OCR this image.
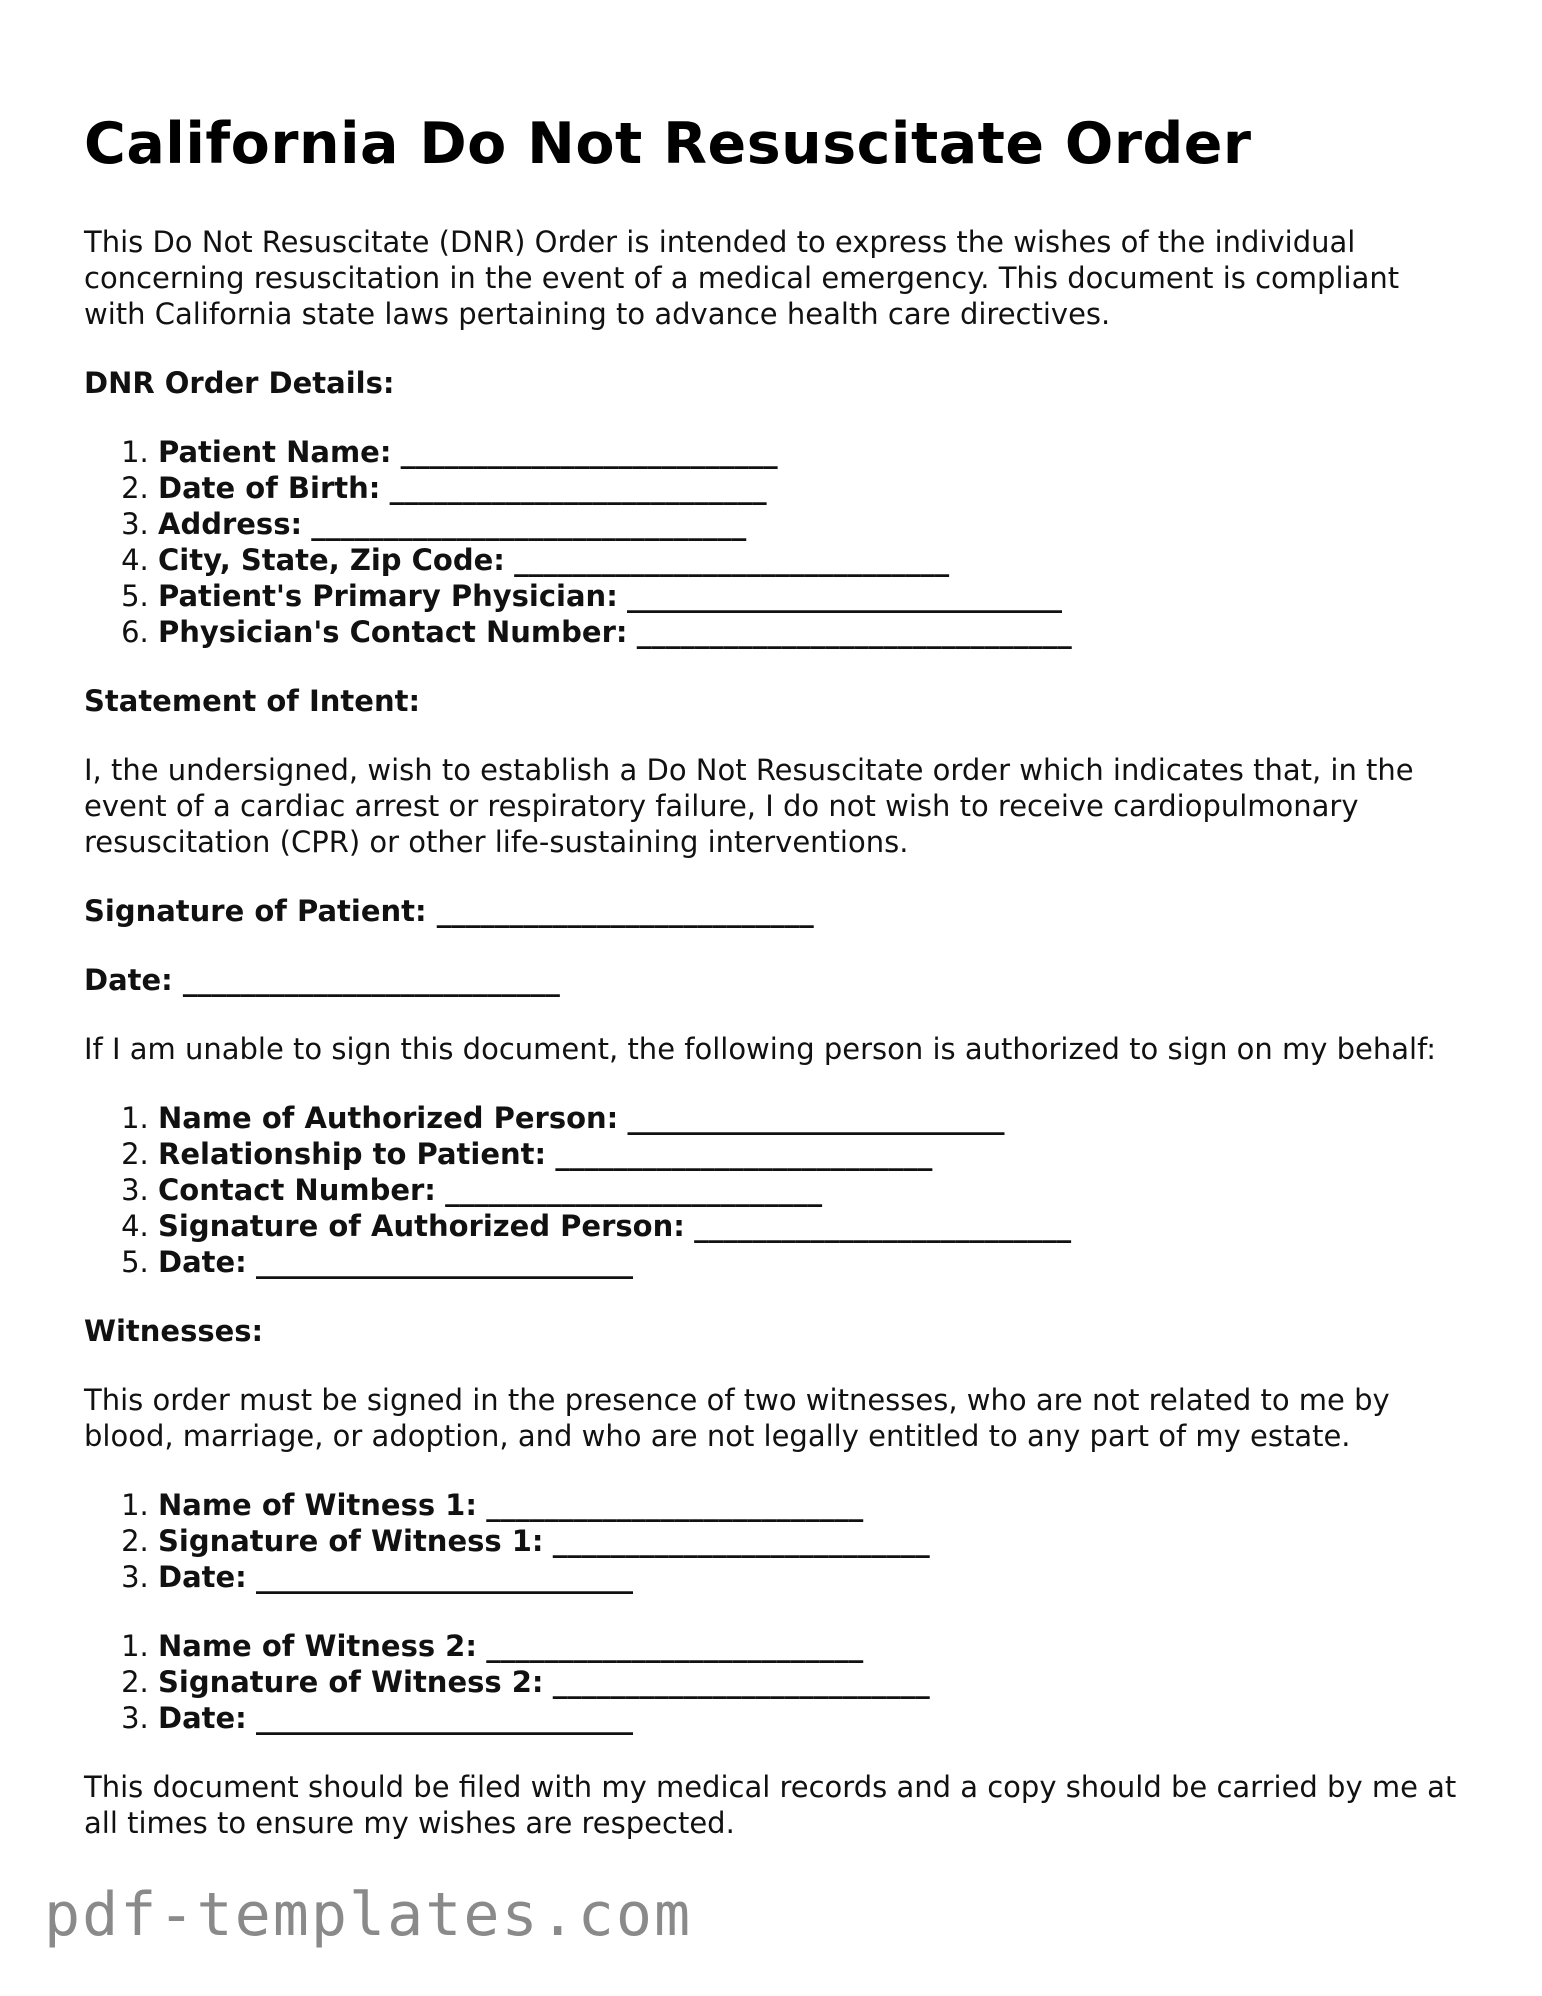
California Do Not Resuscitate Order

This Do Not Resuscitate (DNR) Order is intended to express the wishes of the individual concerning resuscitation in the event of a medical emergency. This document is compliant with California state laws pertaining to advance health care directives.

DNR Order Details:

1. Patient Name: __________________________
2. Date of Birth: __________________________
3. Address: ______________________________
4. City, State, Zip Code: ______________________________
5. Patient's Primary Physician: ______________________________
6. Physician's Contact Number: ______________________________

Statement of Intent:

I, the undersigned, wish to establish a Do Not Resuscitate order which indicates that, in the event of a cardiac arrest or respiratory failure, I do not wish to receive cardiopulmonary resuscitation (CPR) or other life-sustaining interventions.

Signature of Patient: __________________________
Date: __________________________

If I am unable to sign this document, the following person is authorized to sign on my behalf:

1. Name of Authorized Person: __________________________
2. Relationship to Patient: __________________________
3. Contact Number: __________________________
4. Signature of Authorized Person: __________________________
5. Date: __________________________

Witnesses:

This order must be signed in the presence of two witnesses, who are not related to me by blood, marriage, or adoption, and who are not legally entitled to any part of my estate.

1. Name of Witness 1: __________________________
2. Signature of Witness 1: __________________________
3. Date: __________________________
1. Name of Witness 2: __________________________
2. Signature of Witness 2: __________________________
3. Date: __________________________

This document should be filed with my medical records and a copy should be carried by me at all times to ensure my wishes are respected.

pdf-templates.com
